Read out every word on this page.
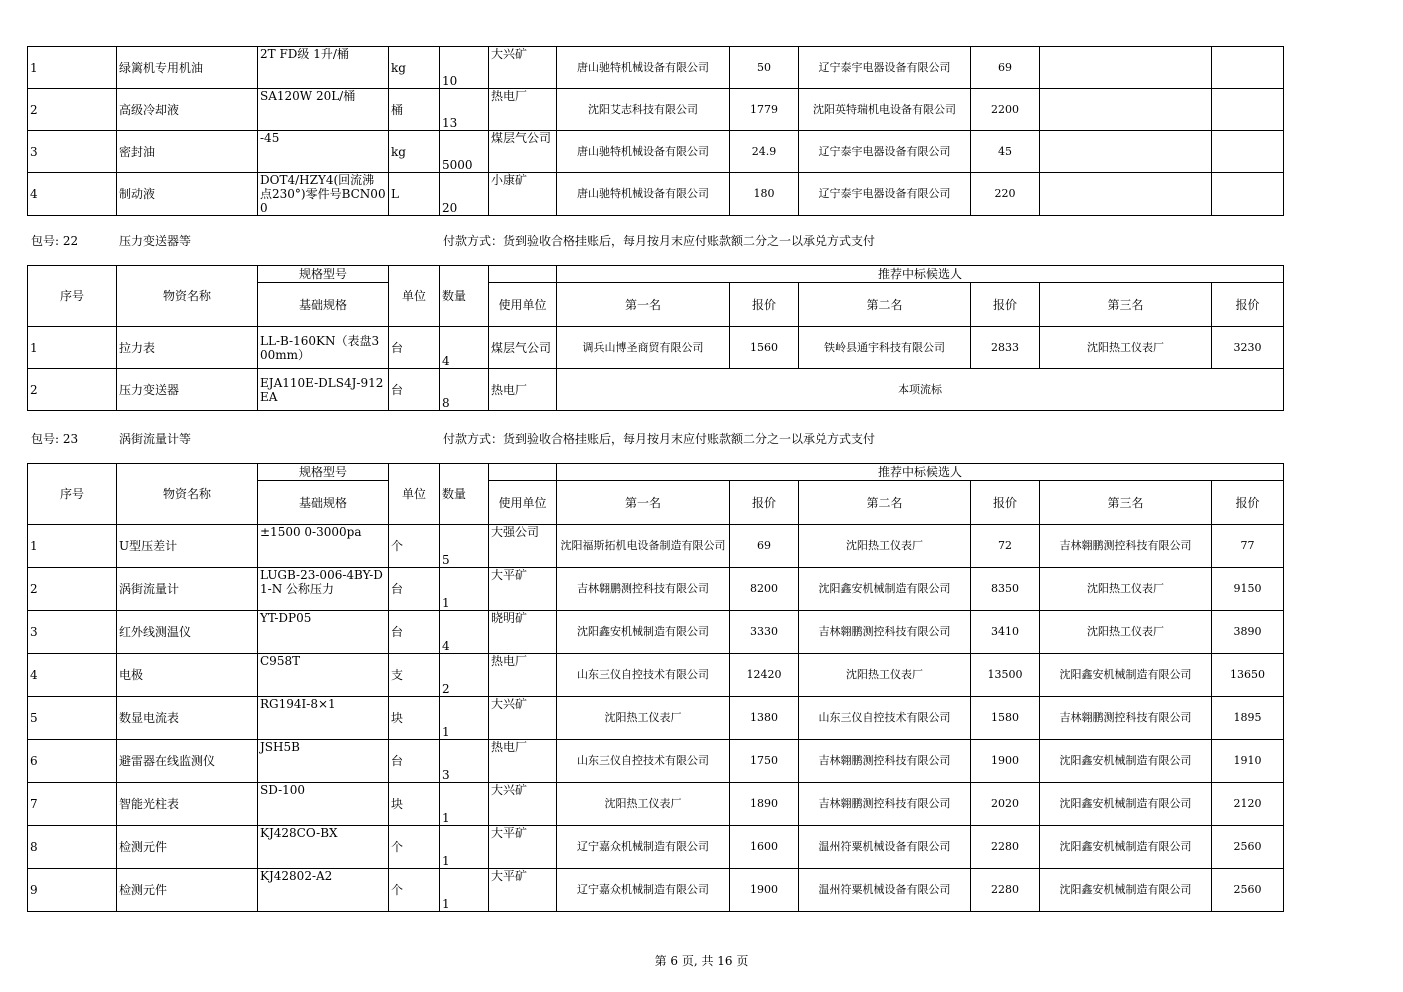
1	绿篱机专用机油	2T FD级 1升/桶	kg	10	大兴矿	唐山驰特机械设备有限公司	50	辽宁泰宇电器设备有限公司	69		
2	高级冷却液	SA120W 20L/桶	桶	13	热电厂	沈阳艾志科技有限公司	1779	沈阳英特瑞机电设备有限公司	2200		
3	密封油	-45	kg	5000	煤层气公司	唐山驰特机械设备有限公司	24.9	辽宁泰宇电器设备有限公司	45		
4	制动液	DOT4/HZY4(回流沸点230°)零件号BCN000	L	20	小康矿	唐山驰特机械设备有限公司	180	辽宁泰宇电器设备有限公司	220		
包号: 22	压力变送器等	付款方式：货到验收合格挂账后，每月按月末应付账款额二分之一以承兑方式支付
序号	物资名称	规格型号	单位	数量		推荐中标候选人					
		基础规格			使用单位	第一名	报价	第二名	报价	第三名	报价
1	拉力表	LL-B-160KN（表盘300mm）	台	4	煤层气公司	调兵山博圣商贸有限公司	1560	铁岭县通宇科技有限公司	2833	沈阳热工仪表厂	3230
2	压力变送器	EJA110E-DLS4J-912EA	台	8	热电厂	本项流标					
包号: 23	涡街流量计等	付款方式：货到验收合格挂账后，每月按月末应付账款额二分之一以承兑方式支付
序号	物资名称	规格型号	单位	数量		推荐中标候选人					
		基础规格			使用单位	第一名	报价	第二名	报价	第三名	报价
1	U型压差计	±1500 0-3000pa	个	5	大强公司	沈阳福斯拓机电设备制造有限公司	69	沈阳热工仪表厂	72	吉林翱鹏测控科技有限公司	77
2	涡街流量计	LUGB-23-006-4BY-D1-N 公称压力	台	1	大平矿	吉林翱鹏测控科技有限公司	8200	沈阳鑫安机械制造有限公司	8350	沈阳热工仪表厂	9150
3	红外线测温仪	YT-DP05	台	4	晓明矿	沈阳鑫安机械制造有限公司	3330	吉林翱鹏测控科技有限公司	3410	沈阳热工仪表厂	3890
4	电极	C958T	支	2	热电厂	山东三仪自控技术有限公司	12420	沈阳热工仪表厂	13500	沈阳鑫安机械制造有限公司	13650
5	数显电流表	RG194I-8×1	块	1	大兴矿	沈阳热工仪表厂	1380	山东三仪自控技术有限公司	1580	吉林翱鹏测控科技有限公司	1895
6	避雷器在线监测仪	JSH5B	台	3	热电厂	山东三仪自控技术有限公司	1750	吉林翱鹏测控科技有限公司	1900	沈阳鑫安机械制造有限公司	1910
7	智能光柱表	SD-100	块	1	大兴矿	沈阳热工仪表厂	1890	吉林翱鹏测控科技有限公司	2020	沈阳鑫安机械制造有限公司	2120
8	检测元件	KJ428CO-BX	个	1	大平矿	辽宁嘉众机械制造有限公司	1600	温州符粟机械设备有限公司	2280	沈阳鑫安机械制造有限公司	2560
9	检测元件	KJ42802-A2	个	1	大平矿	辽宁嘉众机械制造有限公司	1900	温州符粟机械设备有限公司	2280	沈阳鑫安机械制造有限公司	2560
第 6 页, 共 16 页
